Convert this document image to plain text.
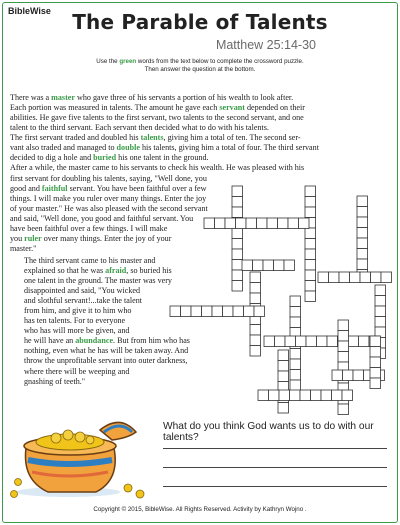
BibleWise	The Parable of Talents
Matthew 25:14-30
Use the green words from the text below to complete the crossword puzzle.
Then answer the question at the bottom.
There was a master who gave three of his servants a portion of his wealth to look after.
Each portion was measured in talents. The amount he gave each servant depended on their
abilities. He gave five talents to the first servant, two talents to the second servant, and one
talent to the third servant. Each servant then decided what to do with his talents.
The first servant traded and doubled his talents, giving him a total of ten. The second ser-
vant also traded and managed to double his talents, giving him a total of four. The third servant
decided to dig a hole and buried his one talent in the ground.
After a while, the master came to his servants to check his wealth. He was pleased with his
first servant for doubling his talents, saying, "Well done, you
good and faithful servant. You have been faithful over a few
things. I will make you ruler over many things. Enter the joy
of your master." He was also pleased with the second servant
and said, "Well done, you good and faithful servant. You
have been faithful over a few things. I will make
you ruler over many things. Enter the joy of your
master."
The third servant came to his master and
explained so that he was afraid, so buried his
one talent in the ground. The master was very
disappointed and said, "You wicked
and slothful servant!...take the talent
from him, and give it to him who
has ten talents. For to everyone
who has will more be given, and
he will have an abundance. But from him who has
nothing, even what he has will be taken away. And
throw the unprofitable servant into outer darkness,
where there will be weeping and
gnashing of teeth."
What do you think God wants us to do with our talents?
Copyright © 2015, BibleWise. All Rights Reserved. Activity by Kathryn Wojno .
